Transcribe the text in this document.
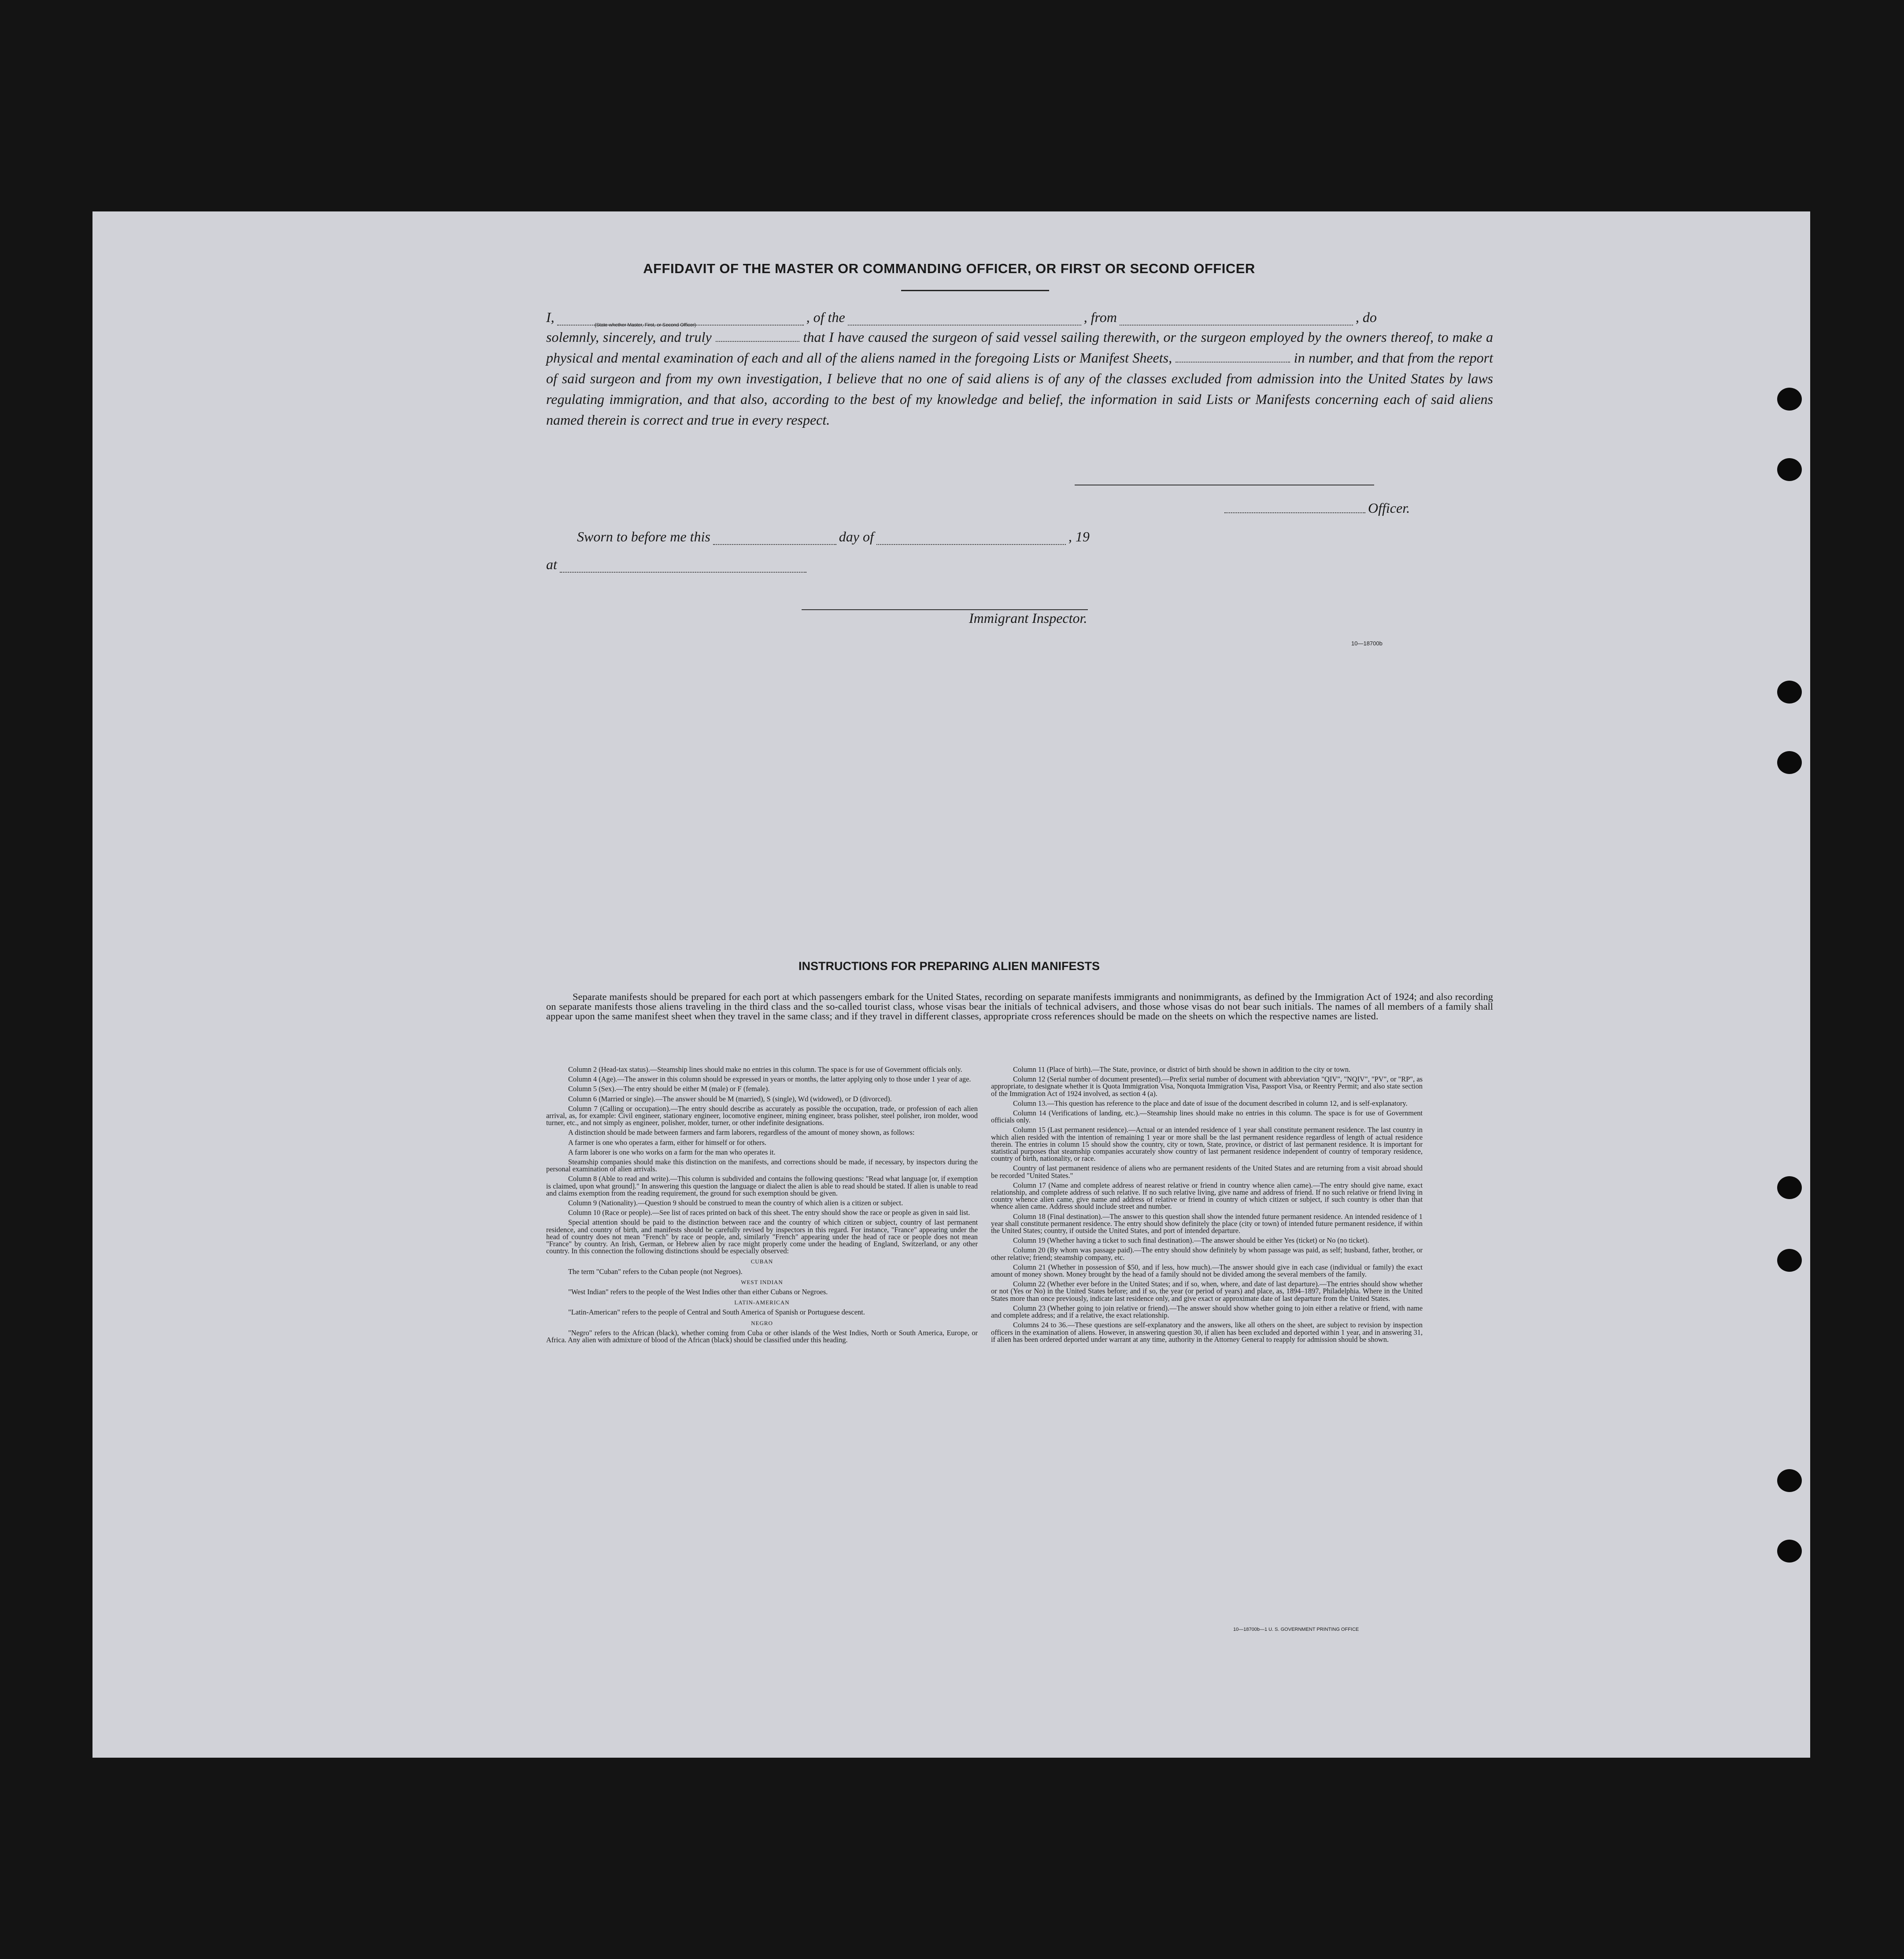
AFFIDAVIT OF THE MASTER OR COMMANDING OFFICER, OR FIRST OR SECOND OFFICER
I,	, of the	, from	, do
(State whether Master, First, or Second Officer)
solemnly, sincerely, and truly	that I have caused the surgeon of said vessel sailing therewith, or the surgeon employed by the owners thereof, to make a physical and mental examination of each and all of the aliens named in the foregoing Lists or Manifest Sheets,	in number, and that from the report of said surgeon and from my own investigation, I believe that no one of said aliens is of any of the classes excluded from admission into the United States by laws regulating immigration, and that also, according to the best of my knowledge and belief, the information in said Lists or Manifests concerning each of said aliens named therein is correct and true in every respect.
Officer.
Sworn to before me this	day of	, 19
at
Immigrant Inspector.
10—18700b
INSTRUCTIONS FOR PREPARING ALIEN MANIFESTS
Separate manifests should be prepared for each port at which passengers embark for the United States, recording on separate manifests immigrants and nonimmigrants, as defined by the Immigration Act of 1924; and also recording on separate manifests those aliens traveling in the third class and the so-called tourist class, whose visas bear the initials of technical advisers, and those whose visas do not bear such initials. The names of all members of a family shall appear upon the same manifest sheet when they travel in the same class; and if they travel in different classes, appropriate cross references should be made on the sheets on which the respective names are listed.

Column 2 (Head-tax status).—Steamship lines should make no entries in this column. The space is for use of Government officials only.

Column 4 (Age).—The answer in this column should be expressed in years or months, the latter applying only to those under 1 year of age.

Column 5 (Sex).—The entry should be either M (male) or F (female).

Column 6 (Married or single).—The answer should be M (married), S (single), Wd (widowed), or D (divorced).

Column 7 (Calling or occupation).—The entry should describe as accurately as possible the occupation, trade, or profession of each alien arrival, as, for example: Civil engineer, stationary engineer, locomotive engineer, mining engineer, brass polisher, steel polisher, iron molder, wood turner, etc., and not simply as engineer, polisher, molder, turner, or other indefinite designations.

A distinction should be made between farmers and farm laborers, regardless of the amount of money shown, as follows:

A farmer is one who operates a farm, either for himself or for others.

A farm laborer is one who works on a farm for the man who operates it.

Steamship companies should make this distinction on the manifests, and corrections should be made, if necessary, by inspectors during the personal examination of alien arrivals.

Column 8 (Able to read and write).—This column is subdivided and contains the following questions: "Read what language [or, if exemption is claimed, upon what ground]." In answering this question the language or dialect the alien is able to read should be stated. If alien is unable to read and claims exemption from the reading requirement, the ground for such exemption should be given.

Column 9 (Nationality).—Question 9 should be construed to mean the country of which alien is a citizen or subject.

Column 10 (Race or people).—See list of races printed on back of this sheet. The entry should show the race or people as given in said list.

Special attention should be paid to the distinction between race and the country of which citizen or subject, country of last permanent residence, and country of birth, and manifests should be carefully revised by inspectors in this regard. For instance, "France" appearing under the head of country does not mean "French" by race or people, and, similarly "French" appearing under the head of race or people does not mean "France" by country. An Irish, German, or Hebrew alien by race might properly come under the heading of England, Switzerland, or any other country. In this connection the following distinctions should be especially observed:

CUBAN

The term "Cuban" refers to the Cuban people (not Negroes).

WEST INDIAN

"West Indian" refers to the people of the West Indies other than either Cubans or Negroes.

LATIN-AMERICAN

"Latin-American" refers to the people of Central and South America of Spanish or Portuguese descent.

NEGRO

"Negro" refers to the African (black), whether coming from Cuba or other islands of the West Indies, North or South America, Europe, or Africa. Any alien with admixture of blood of the African (black) should be classified under this heading.

Column 11 (Place of birth).—The State, province, or district of birth should be shown in addition to the city or town.

Column 12 (Serial number of document presented).—Prefix serial number of document with abbreviation "QIV", "NQIV", "PV", or "RP", as appropriate, to designate whether it is Quota Immigration Visa, Nonquota Immigration Visa, Passport Visa, or Reentry Permit; and also state section of the Immigration Act of 1924 involved, as section 4 (a).

Column 13.—This question has reference to the place and date of issue of the document described in column 12, and is self-explanatory.

Column 14 (Verifications of landing, etc.).—Steamship lines should make no entries in this column. The space is for use of Government officials only.

Column 15 (Last permanent residence).—Actual or an intended residence of 1 year shall constitute permanent residence. The last country in which alien resided with the intention of remaining 1 year or more shall be the last permanent residence regardless of length of actual residence therein. The entries in column 15 should show the country, city or town, State, province, or district of last permanent residence. It is important for statistical purposes that steamship companies accurately show country of last permanent residence independent of country of temporary residence, country of birth, nationality, or race.

Country of last permanent residence of aliens who are permanent residents of the United States and are returning from a visit abroad should be recorded "United States."

Column 17 (Name and complete address of nearest relative or friend in country whence alien came).—The entry should give name, exact relationship, and complete address of such relative. If no such relative living, give name and address of friend. If no such relative or friend living in country whence alien came, give name and address of relative or friend in country of which citizen or subject, if such country is other than that whence alien came. Address should include street and number.

Column 18 (Final destination).—The answer to this question shall show the intended future permanent residence. An intended residence of 1 year shall constitute permanent residence. The entry should show definitely the place (city or town) of intended future permanent residence, if within the United States; country, if outside the United States, and port of intended departure.

Column 19 (Whether having a ticket to such final destination).—The answer should be either Yes (ticket) or No (no ticket).

Column 20 (By whom was passage paid).—The entry should show definitely by whom passage was paid, as self; husband, father, brother, or other relative; friend; steamship company, etc.

Column 21 (Whether in possession of $50, and if less, how much).—The answer should give in each case (individual or family) the exact amount of money shown. Money brought by the head of a family should not be divided among the several members of the family.

Column 22 (Whether ever before in the United States; and if so, when, where, and date of last departure).—The entries should show whether or not (Yes or No) in the United States before; and if so, the year (or period of years) and place, as, 1894–1897, Philadelphia. Where in the United States more than once previously, indicate last residence only, and give exact or approximate date of last departure from the United States.

Column 23 (Whether going to join relative or friend).—The answer should show whether going to join either a relative or friend, with name and complete address; and if a relative, the exact relationship.

Columns 24 to 36.—These questions are self-explanatory and the answers, like all others on the sheet, are subject to revision by inspection officers in the examination of aliens. However, in answering question 30, if alien has been excluded and deported within 1 year, and in answering 31, if alien has been ordered deported under warrant at any time, authority in the Attorney General to reapply for admission should be shown.

10—18700b—1 U. S. GOVERNMENT PRINTING OFFICE
